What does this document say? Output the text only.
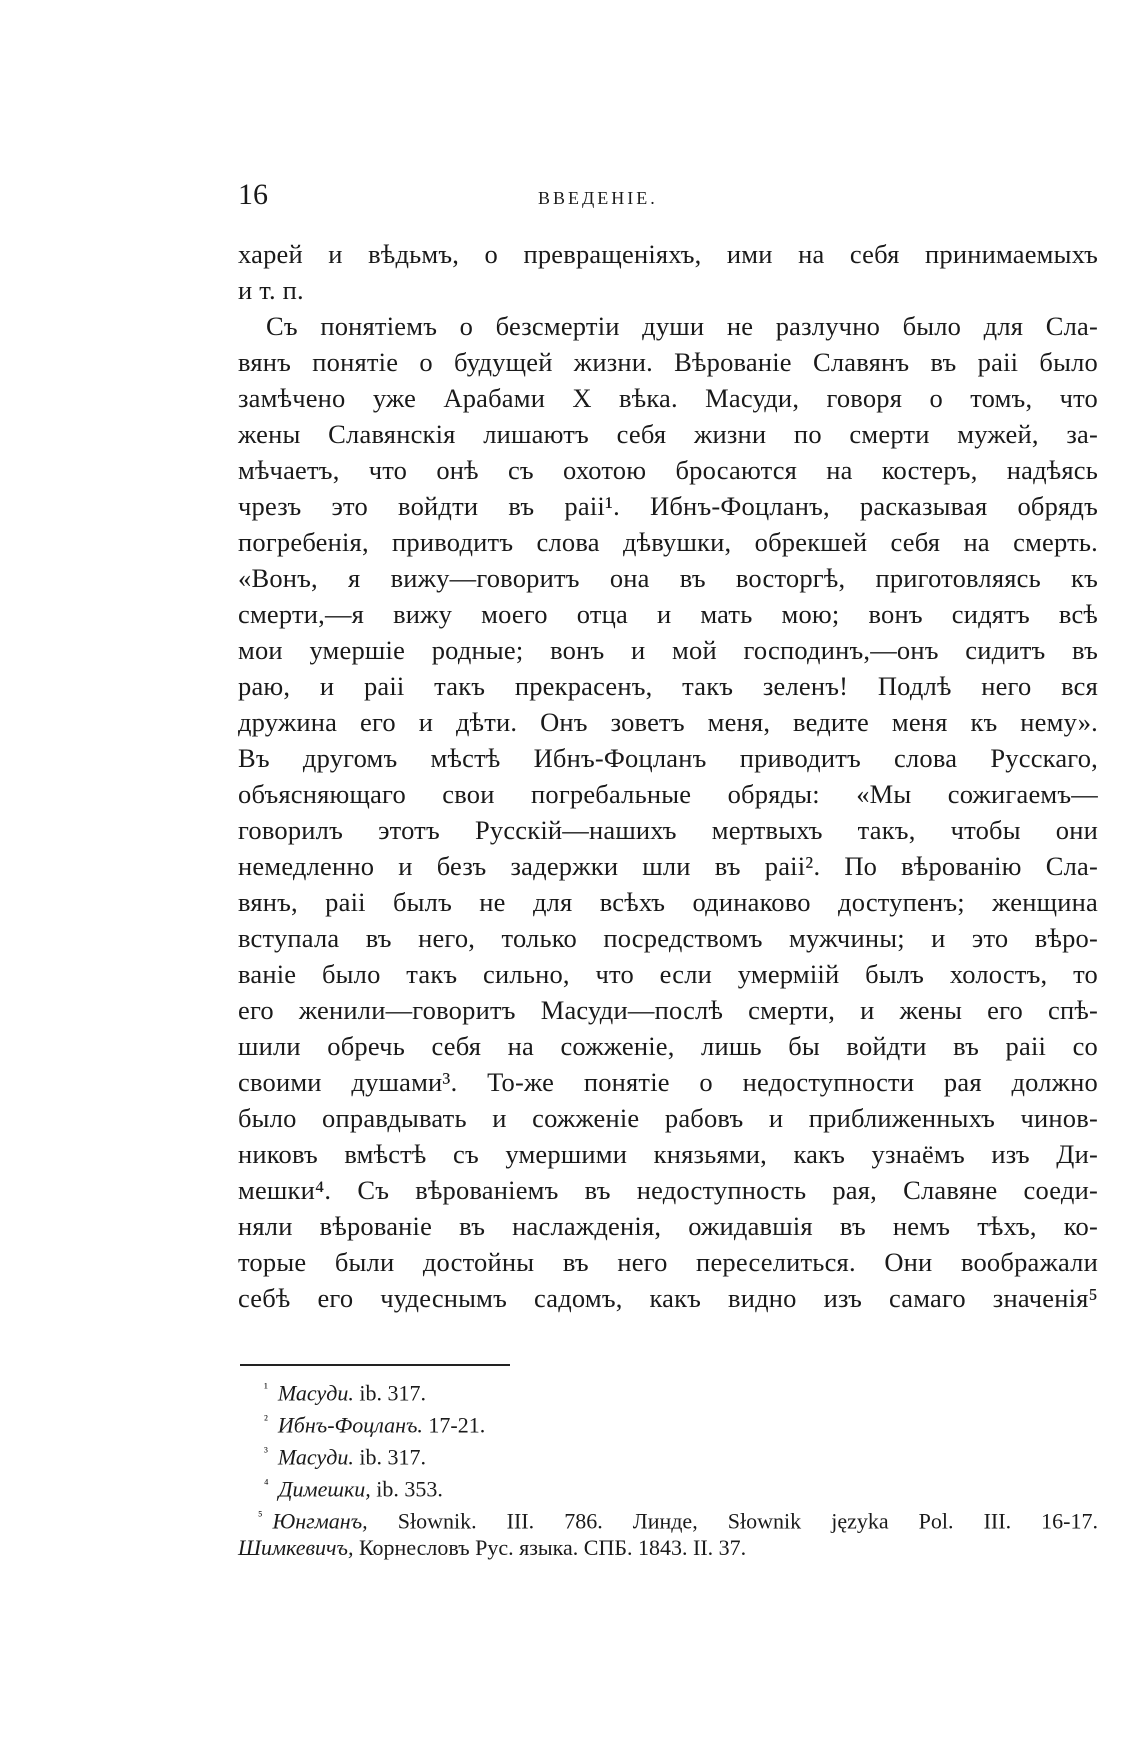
16	ВВЕДЕНІЕ.
харей и вѣдьмъ, о превращеніяхъ, ими на себя принимаемыхъ
и т. п.
Съ понятіемъ о безсмертіи души не разлучно было для Сла-
вянъ понятіе о будущей жизни. Вѣрованіе Славянъ въ раіі было
замѣчено уже Арабами X вѣка. Масуди, говоря о томъ, что
жены Славянскія лишаютъ себя жизни по смерти мужей, за-
мѣчаетъ, что онѣ съ охотою бросаются на костеръ, надѣясь
чрезъ это войдти въ раіі¹. Ибнъ-Фоцланъ, расказывая обрядъ
погребенія, приводитъ слова дѣвушки, обрекшей себя на смерть.
«Вонъ, я вижу—говоритъ она въ восторгѣ, приготовляясь къ
смерти,—я вижу моего отца и мать мою; вонъ сидятъ всѣ
мои умершіе родные; вонъ и мой господинъ,—онъ сидитъ въ
раю, и раіі такъ прекрасенъ, такъ зеленъ! Подлѣ него вся
дружина его и дѣти. Онъ зоветъ меня, ведите меня къ нему».
Въ другомъ мѣстѣ Ибнъ-Фоцланъ приводитъ слова Русскаго,
объясняющаго свои погребальные обряды: «Мы сожигаемъ—
говорилъ этотъ Русскій—нашихъ мертвыхъ такъ, чтобы они
немедленно и безъ задержки шли въ раіі². По вѣрованію Сла-
вянъ, раіі былъ не для всѣхъ одинаково доступенъ; женщина
вступала въ него, только посредствомъ мужчины; и это вѣро-
ваніе было такъ сильно, что если умерміій былъ холостъ, то
его женили—говоритъ Масуди—послѣ смерти, и жены его спѣ-
шили обречь себя на сожженіе, лишь бы войдти въ раіі со
своими душами³. То-же понятіе о недоступности рая должно
было оправдывать и сожженіе рабовъ и приближенныхъ чинов-
никовъ вмѣстѣ съ умершими князьями, какъ узнаёмъ изъ Ди-
мешки⁴. Съ вѣрованіемъ въ недоступность рая, Славяне соеди-
няли вѣрованіе въ наслажденія, ожидавшія въ немъ тѣхъ, ко-
торые были достойны въ него переселиться. Они воображали
себѣ его чудеснымъ садомъ, какъ видно изъ самаго значенія⁵
$^{^1}$ Масуди. ib. 317.
$^{^2}$ Ибнъ-Фоцланъ. 17-21.
$^{^3}$ Масуди. ib. 317.
$^{^4}$ Димешки, ib. 353.
$^{^5}$ Юнгманъ, Słownik. III. 786. Линде, Słownik języka Pol. III. 16-17.
Шимкевичъ, Корнесловъ Рус. языка. СПБ. 1843. II. 37.
